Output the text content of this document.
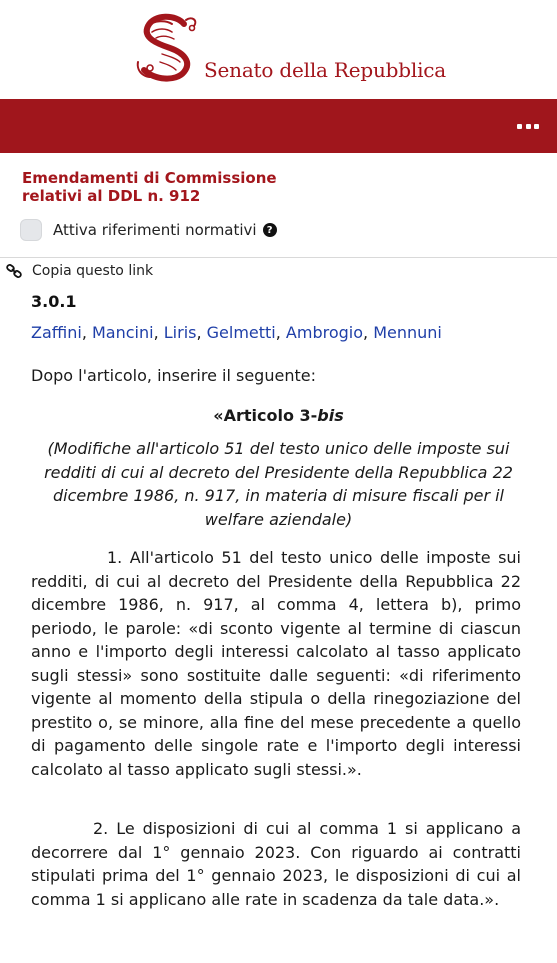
Senato della Repubblica
Emendamenti di Commissione
relativi al DDL n. 912
Attiva riferimenti normativi	?
Copia questo link
3.0.1
Zaffini, Mancini, Liris, Gelmetti, Ambrogio, Mennuni
Dopo l'articolo, inserire il seguente:
«Articolo 3-bis
(Modifiche all'articolo 51 del testo unico delle imposte sui redditi di cui al decreto del Presidente della Repubblica 22 dicembre 1986, n. 917, in materia di misure fiscali per il welfare aziendale)
1. All'articolo 51 del testo unico delle imposte sui redditi, di cui al decreto del Presidente della Repubblica 22 dicembre 1986, n. 917, al comma 4, lettera b), primo periodo, le parole: «di sconto vigente al termine di ciascun anno e l'importo degli interessi calcolato al tasso applicato sugli stessi» sono sostituite dalle seguenti: «di riferimento vigente al momento della stipula o della rinegoziazione del prestito o, se minore, alla fine del mese precedente a quello di pagamento delle singole rate e l'importo degli interessi calcolato al tasso applicato sugli stessi.».
2. Le disposizioni di cui al comma 1 si applicano a decorrere dal 1° gennaio 2023. Con riguardo ai contratti stipulati prima del 1° gennaio 2023, le disposizioni di cui al comma 1 si applicano alle rate in scadenza da tale data.».
